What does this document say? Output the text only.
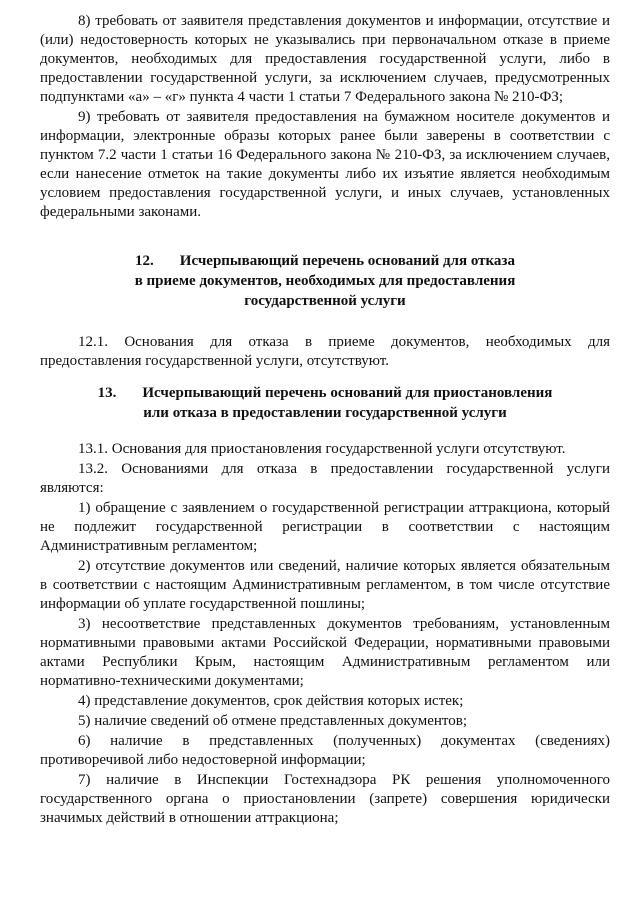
8) требовать от заявителя представления документов и информации, отсутствие и (или) недостоверность которых не указывались при первоначальном отказе в приеме документов, необходимых для предоставления государственной услуги, либо в предоставлении государственной услуги, за исключением случаев, предусмотренных подпунктами «а» – «г» пункта 4 части 1 статьи 7 Федерального закона № 210-ФЗ;

9) требовать от заявителя предоставления на бумажном носителе документов и информации, электронные образы которых ранее были заверены в соответствии с пунктом 7.2 части 1 статьи 16 Федерального закона № 210-ФЗ, за исключением случаев, если нанесение отметок на такие документы либо их изъятие является необходимым условием предоставления государственной услуги, и иных случаев, установленных федеральными законами.

12. Исчерпывающий перечень оснований для отказа
в приеме документов, необходимых для предоставления
государственной услуги

12.1. Основания для отказа в приеме документов, необходимых для предоставления государственной услуги, отсутствуют.

13. Исчерпывающий перечень оснований для приостановления
или отказа в предоставлении государственной услуги

13.1. Основания для приостановления государственной услуги отсутствуют.

13.2. Основаниями для отказа в предоставлении государственной услуги являются:

1) обращение с заявлением о государственной регистрации аттракциона, который не подлежит государственной регистрации в соответствии с настоящим Административным регламентом;

2) отсутствие документов или сведений, наличие которых является обязательным в соответствии с настоящим Административным регламентом, в том числе отсутствие информации об уплате государственной пошлины;

3) несоответствие представленных документов требованиям, установленным нормативными правовыми актами Российской Федерации, нормативными правовыми актами Республики Крым, настоящим Административным регламентом или нормативно-техническими документами;

4) представление документов, срок действия которых истек;

5) наличие сведений об отмене представленных документов;

6) наличие в представленных (полученных) документах (сведениях) противоречивой либо недостоверной информации;

7) наличие в Инспекции Гостехнадзора РК решения уполномоченного государственного органа о приостановлении (запрете) совершения юридически значимых действий в отношении аттракциона;
